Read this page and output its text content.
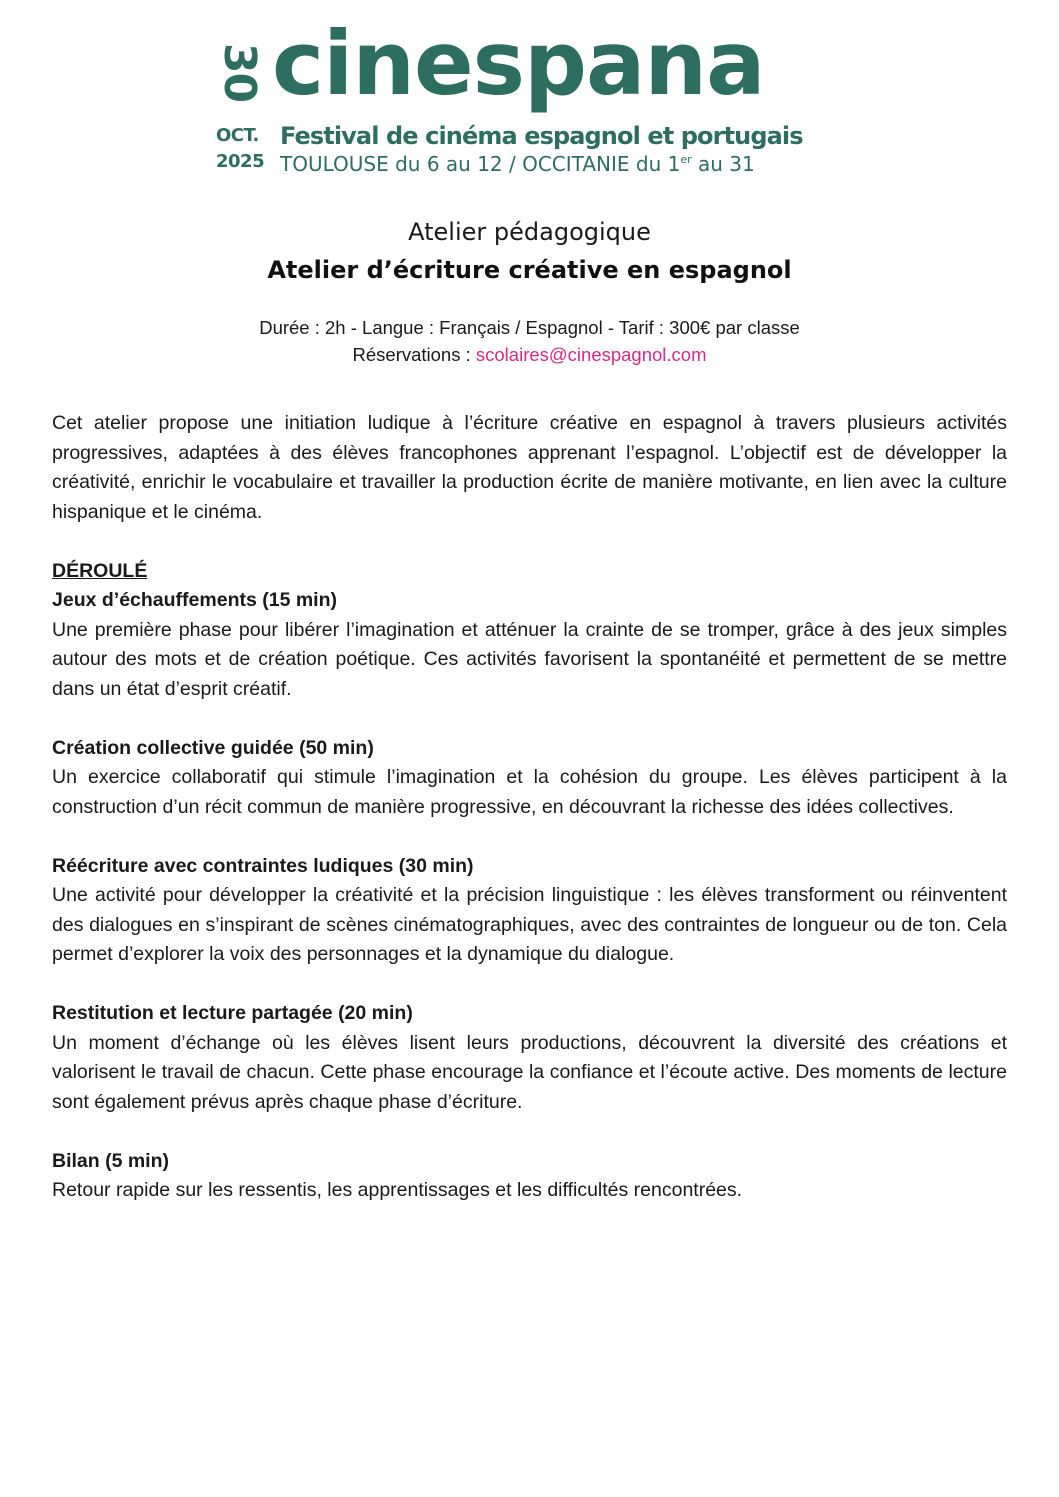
30 cinespana
OCT.
2025
Festival de cinéma espagnol et portugais
TOULOUSE du 6 au 12 / OCCITANIE du 1er au 31
Atelier pédagogique
Atelier d’écriture créative en espagnol
Durée : 2h - Langue : Français / Espagnol - Tarif : 300€ par classe
Réservations : scolaires@cinespagnol.com

Cet atelier propose une initiation ludique à l’écriture créative en espagnol à travers plusieurs activités progressives, adaptées à des élèves francophones apprenant l’espagnol. L’objectif est de développer la créativité, enrichir le vocabulaire et travailler la production écrite de manière motivante, en lien avec la culture hispanique et le cinéma.

DÉROULÉ

Jeux d’échauffements (15 min)

Une première phase pour libérer l’imagination et atténuer la crainte de se tromper, grâce à des jeux simples autour des mots et de création poétique. Ces activités favorisent la spontanéité et permettent de se mettre dans un état d’esprit créatif.

Création collective guidée (50 min)

Un exercice collaboratif qui stimule l’imagination et la cohésion du groupe. Les élèves participent à la construction d’un récit commun de manière progressive, en découvrant la richesse des idées collectives.

Réécriture avec contraintes ludiques (30 min)

Une activité pour développer la créativité et la précision linguistique : les élèves transforment ou réinventent des dialogues en s’inspirant de scènes cinématographiques, avec des contraintes de longueur ou de ton. Cela permet d’explorer la voix des personnages et la dynamique du dialogue.

Restitution et lecture partagée (20 min)

Un moment d’échange où les élèves lisent leurs productions, découvrent la diversité des créations et valorisent le travail de chacun. Cette phase encourage la confiance et l’écoute active. Des moments de lecture sont également prévus après chaque phase d’écriture.

Bilan (5 min)

Retour rapide sur les ressentis, les apprentissages et les difficultés rencontrées.
